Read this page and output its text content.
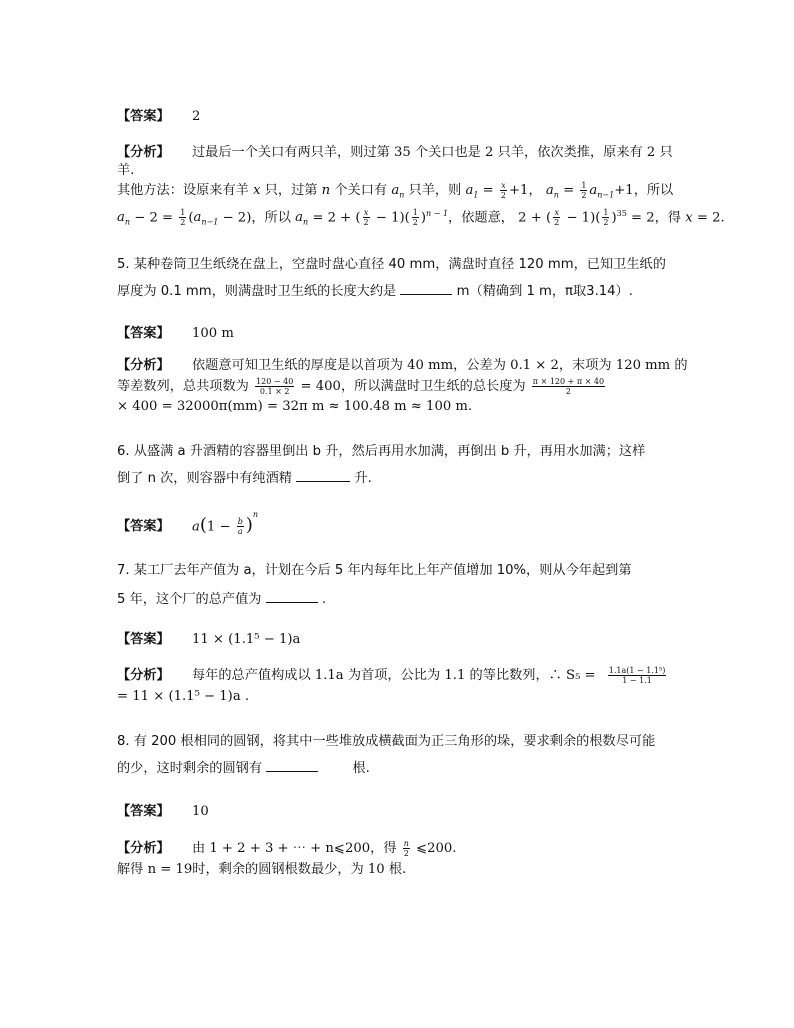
【答案】 2
【分析】 过最后一个关口有两只羊，则过第 35 个关口也是 2 只羊，依次类推，原来有 2 只
羊.
其他方法：设原来有羊 x 只，过第 n 个关口有 $a_n$ 只羊，则 $a_1 = \frac{x}{2} +1$， $a_n = \frac{1}{2} a_{n-1}+1$，所以
$a_n - 2 = \frac{1}{2} (a_{n-1} - 2)$，所以 $a_n = 2$ + ( $\frac{x}{2} - 1)( \frac{1}{2} )^{n - 1}$，依题意， 2 + ( $\frac{x}{2} - 1)( \frac{1}{2} )^{35} = 2$，得 x = 2.
5. 某种卷筒卫生纸绕在盘上，空盘时盘心直径 40 mm，满盘时直径 120 mm，已知卫生纸的
厚度为 0.1 mm，则满盘时卫生纸的长度大约是	m（精确到 1 m，π取3.14）.
【答案】 100 m
【分析】 依题意可知卫生纸的厚度是以首项为 40 mm，公差为 0.1 × 2，末项为 120 mm 的
等差数列，总共项数为 $\frac{120 - 40}{0.1 \times 2} = 400$，所以满盘时卫生纸的总长度为 $\frac{\pi \times 120 + \pi \times 40}{2}$
× 400 = 32000π(mm) = 32π m ≈ 100.48 m ≈ 100 m.
6. 从盛满 a 升酒精的容器里倒出 b 升，然后再用水加满，再倒出 b 升，再用水加满；这样
倒了 n 次，则容器中有纯酒精	升.
【答案】 $a(1 - \frac{b}{a} )^n$
7. 某工厂去年产值为 a，计划在今后 5 年内每年比上年产值增加 10%，则从今年起到第
5 年，这个厂的总产值为	.
【答案】 11 × (1.1⁵ − 1)a
【分析】 每年的总产值构成以 1.1a 为首项，公比为 1.1 的等比数列，∴ $S_5 = \frac{\text{1.1a(1 − 1.1⁵)}}{1 - 1.1}$
= 11 × (1.1⁵ − 1)a .
8. 有 200 根相同的圆钢，将其中一些堆放成横截面为正三角形的垛，要求剩余的根数尽可能
的少，这时剩余的圆钢有	根.
【答案】 10
【分析】 由 1 + 2 + 3 + ⋯ + n⩽200，得 $\frac{n}{2}$ ⩽200.
解得 n = 19时，剩余的圆钢根数最少，为 10 根.
